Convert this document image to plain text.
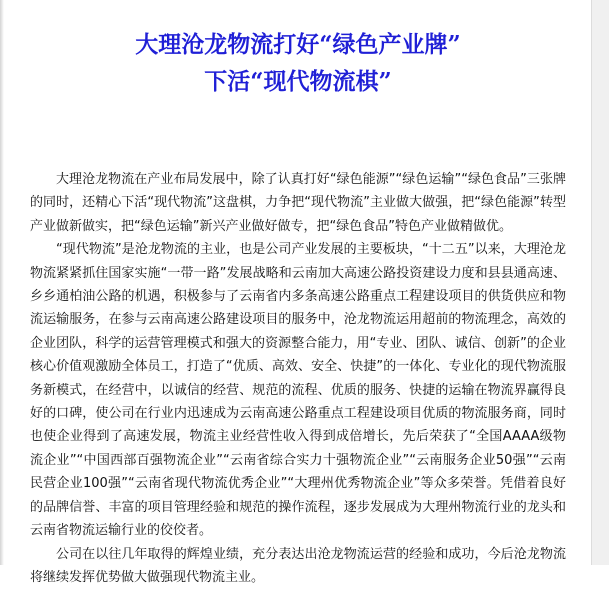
大理沧龙物流打好“绿色产业牌”
下活“现代物流棋”

大理沧龙物流在产业布局发展中，除了认真打好“绿色能源”“绿色运输”“绿色食品”三张牌的同时，还精心下活“现代物流”这盘棋，力争把“现代物流”主业做大做强，把“绿色能源”转型产业做新做实，把“绿色运输”新兴产业做好做专，把“绿色食品”特色产业做精做优。

“现代物流”是沧龙物流的主业，也是公司产业发展的主要板块，“十二五”以来，大理沧龙物流紧紧抓住国家实施“一带一路”发展战略和云南加大高速公路投资建设力度和县县通高速、乡乡通柏油公路的机遇，积极参与了云南省内多条高速公路重点工程建设项目的供货供应和物流运输服务，在参与云南高速公路建设项目的服务中，沧龙物流运用超前的物流理念，高效的企业团队，科学的运营管理模式和强大的资源整合能力，用“专业、团队、诚信、创新”的企业核心价值观激励全体员工，打造了“优质、高效、安全、快捷”的一体化、专业化的现代物流服务新模式，在经营中，以诚信的经营、规范的流程、优质的服务、快捷的运输在物流界赢得良好的口碑，使公司在行业内迅速成为云南高速公路重点工程建设项目优质的物流服务商，同时也使企业得到了高速发展，物流主业经营性收入得到成倍增长，先后荣获了“全国AAAA级物流企业”“中国西部百强物流企业”“云南省综合实力十强物流企业”“云南服务企业50强”“云南民营企业100强”“云南省现代物流优秀企业”“大理州优秀物流企业”等众多荣誉。凭借着良好的品牌信誉、丰富的项目管理经验和规范的操作流程，逐步发展成为大理州物流行业的龙头和云南省物流运输行业的佼佼者。

公司在以往几年取得的辉煌业绩，充分表达出沧龙物流运营的经验和成功，今后沧龙物流将继续发挥优势做大做强现代物流主业。
